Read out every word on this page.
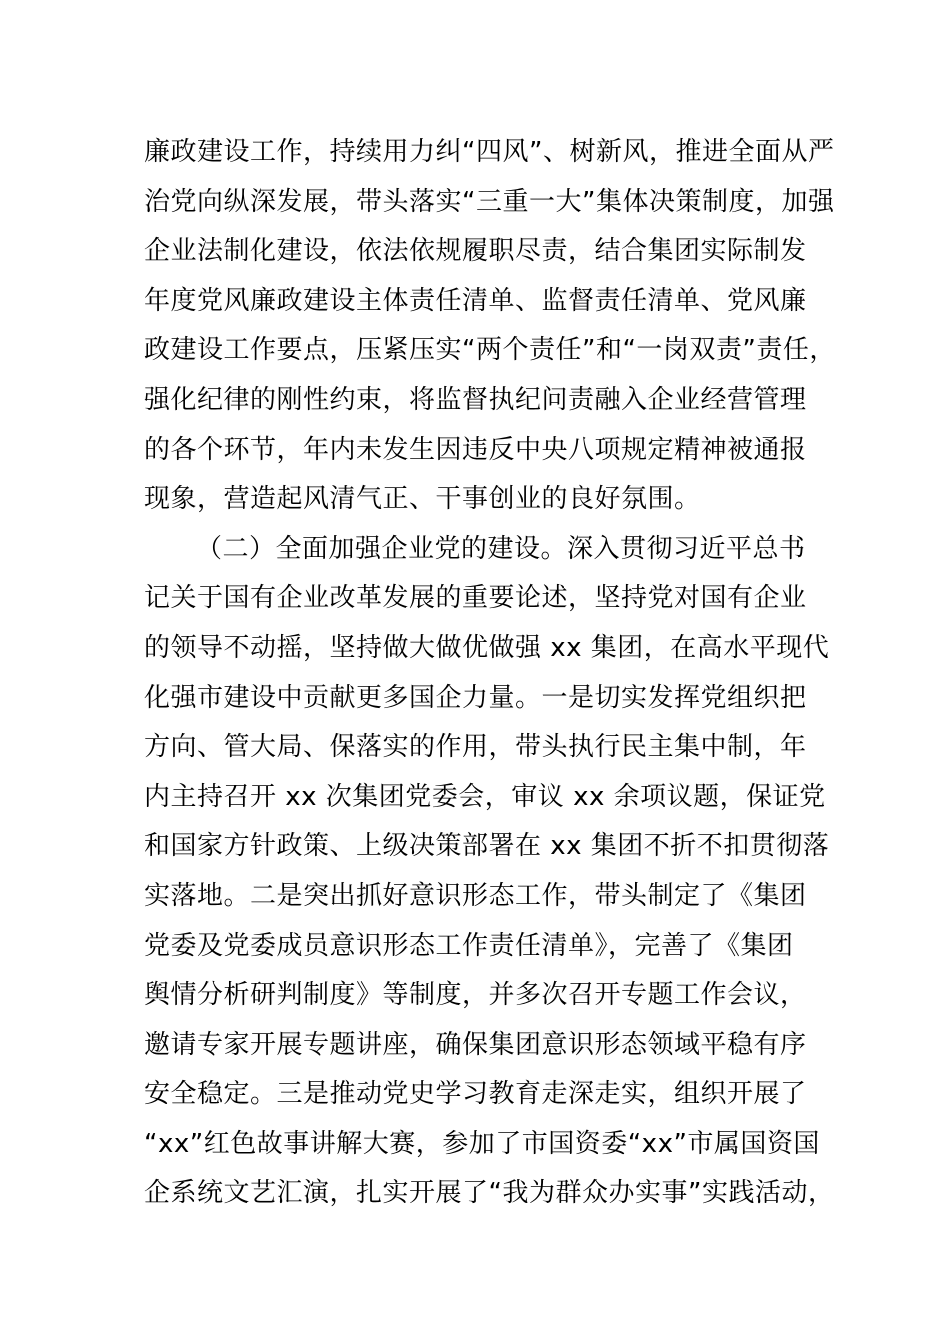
廉政建设工作，持续用力纠“四风”、树新风，推进全面从严
治党向纵深发展，带头落实“三重一大”集体决策制度，加强
企业法制化建设，依法依规履职尽责，结合集团实际制发
年度党风廉政建设主体责任清单、监督责任清单、党风廉
政建设工作要点，压紧压实“两个责任”和“一岗双责”责任，
强化纪律的刚性约束，将监督执纪问责融入企业经营管理
的各个环节，年内未发生因违反中央八项规定精神被通报
现象，营造起风清气正、干事创业的良好氛围。
（二）全面加强企业党的建设。深入贯彻习近平总书
记关于国有企业改革发展的重要论述，坚持党对国有企业
的领导不动摇，坚持做大做优做强 xx 集团，在高水平现代
化强市建设中贡献更多国企力量。一是切实发挥党组织把
方向、管大局、保落实的作用，带头执行民主集中制，年
内主持召开 xx 次集团党委会，审议 xx 余项议题，保证党
和国家方针政策、上级决策部署在 xx 集团不折不扣贯彻落
实落地。二是突出抓好意识形态工作，带头制定了《集团
党委及党委成员意识形态工作责任清单》，完善了《集团
舆情分析研判制度》等制度，并多次召开专题工作会议，
邀请专家开展专题讲座，确保集团意识形态领域平稳有序
安全稳定。三是推动党史学习教育走深走实，组织开展了
“xx”红色故事讲解大赛，参加了市国资委“xx”市属国资国
企系统文艺汇演，扎实开展了“我为群众办实事”实践活动，
